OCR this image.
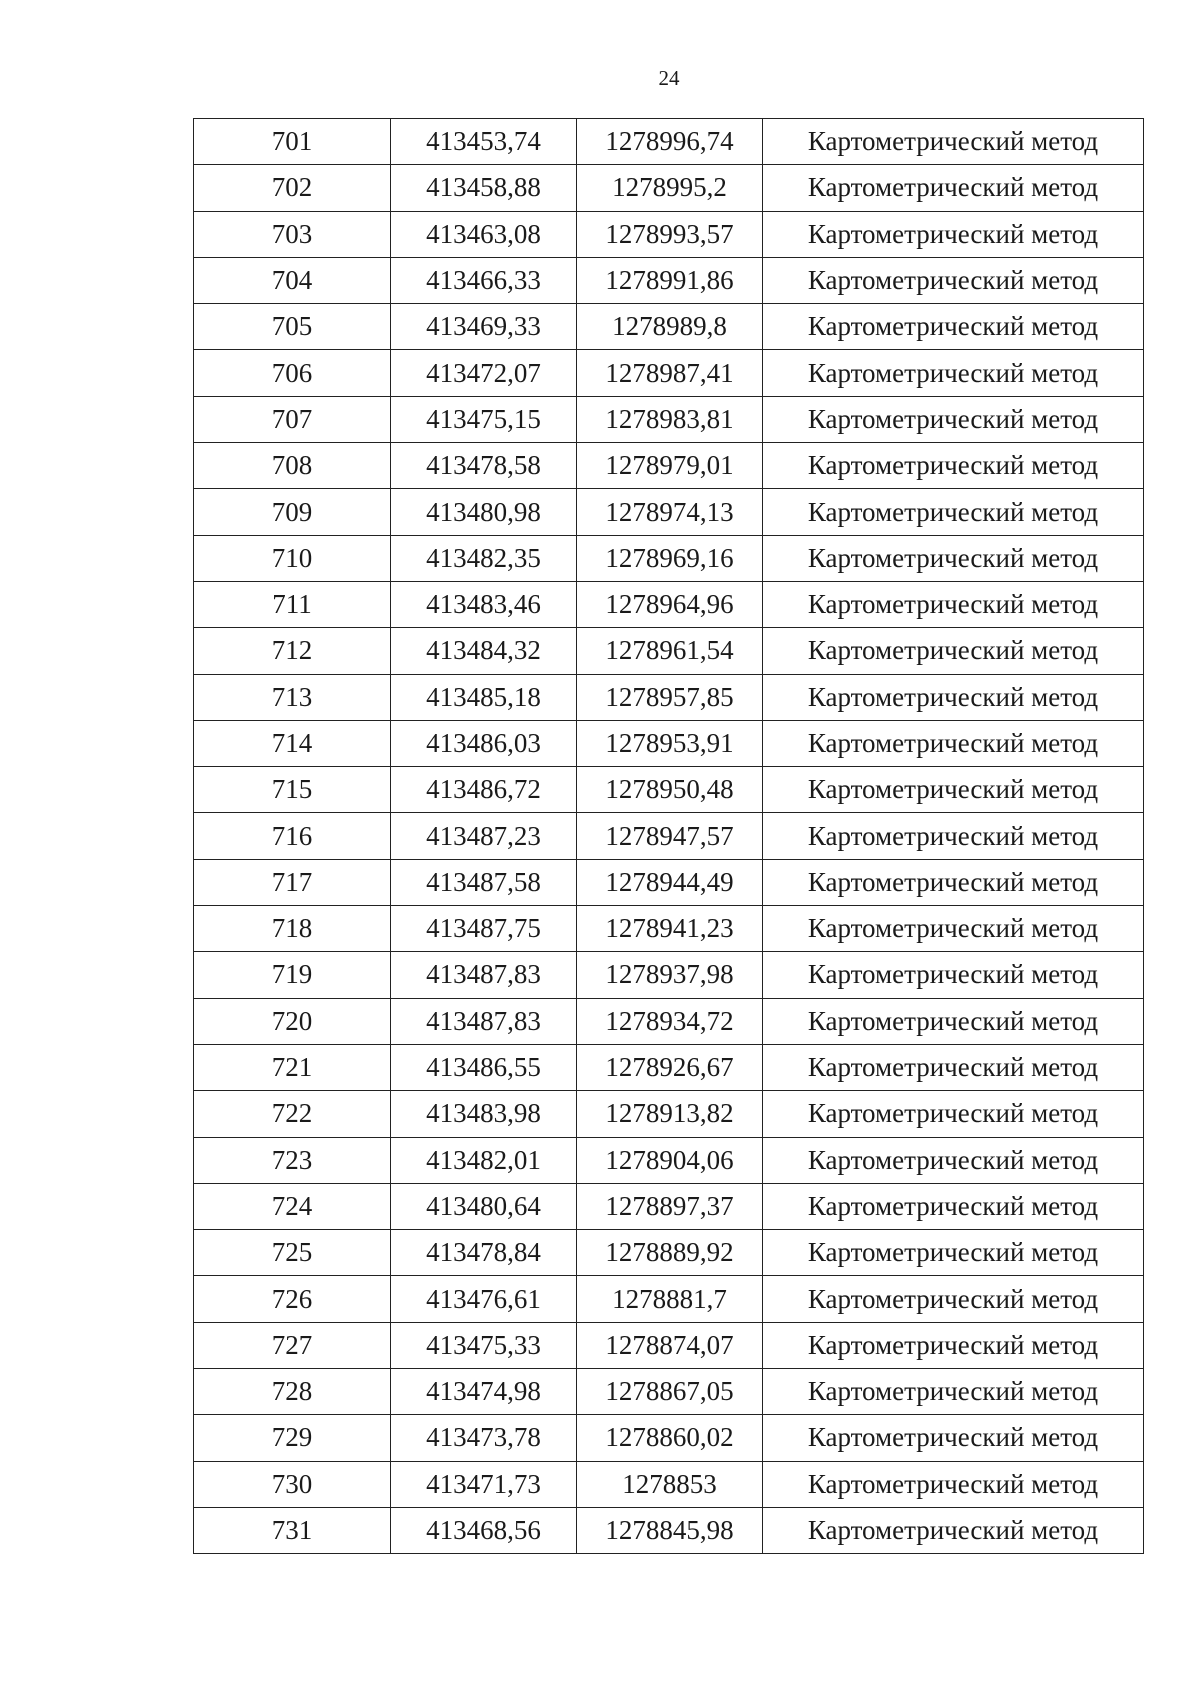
24
701	413453,74	1278996,74	Картометрический метод
702	413458,88	1278995,2	Картометрический метод
703	413463,08	1278993,57	Картометрический метод
704	413466,33	1278991,86	Картометрический метод
705	413469,33	1278989,8	Картометрический метод
706	413472,07	1278987,41	Картометрический метод
707	413475,15	1278983,81	Картометрический метод
708	413478,58	1278979,01	Картометрический метод
709	413480,98	1278974,13	Картометрический метод
710	413482,35	1278969,16	Картометрический метод
711	413483,46	1278964,96	Картометрический метод
712	413484,32	1278961,54	Картометрический метод
713	413485,18	1278957,85	Картометрический метод
714	413486,03	1278953,91	Картометрический метод
715	413486,72	1278950,48	Картометрический метод
716	413487,23	1278947,57	Картометрический метод
717	413487,58	1278944,49	Картометрический метод
718	413487,75	1278941,23	Картометрический метод
719	413487,83	1278937,98	Картометрический метод
720	413487,83	1278934,72	Картометрический метод
721	413486,55	1278926,67	Картометрический метод
722	413483,98	1278913,82	Картометрический метод
723	413482,01	1278904,06	Картометрический метод
724	413480,64	1278897,37	Картометрический метод
725	413478,84	1278889,92	Картометрический метод
726	413476,61	1278881,7	Картометрический метод
727	413475,33	1278874,07	Картометрический метод
728	413474,98	1278867,05	Картометрический метод
729	413473,78	1278860,02	Картометрический метод
730	413471,73	1278853	Картометрический метод
731	413468,56	1278845,98	Картометрический метод
